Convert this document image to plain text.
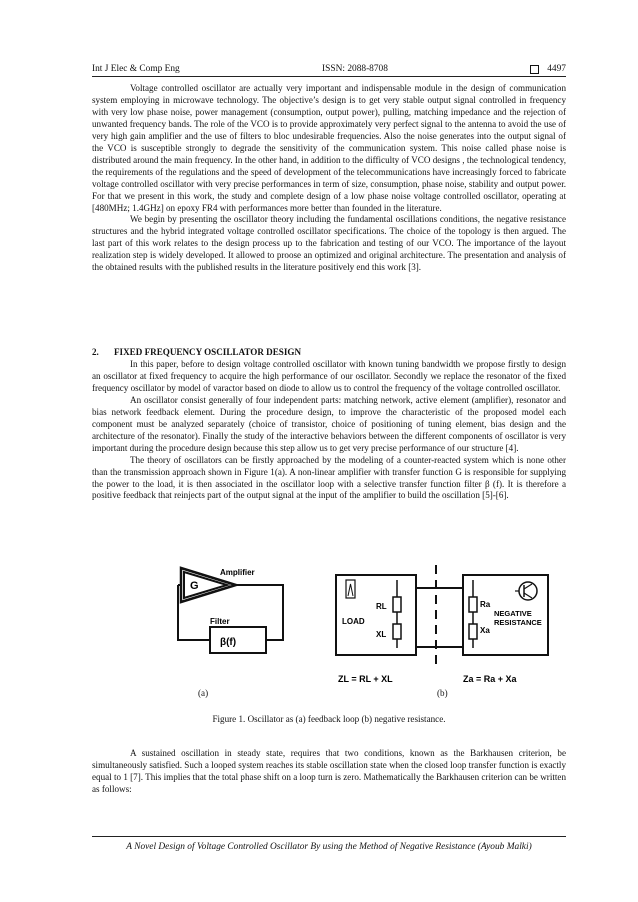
Int J Elec & Comp Eng	ISSN: 2088-8708	4497

Voltage controlled oscillator are actually very important and indispensable module in the design of communication system employing in microwave technology. The objective’s design is to get very stable output signal controlled in frequency with very low phase noise, power management (consumption, output power), pulling, matching impedance and the rejection of unwanted frequency bands. The role of the VCO is to provide approximately very perfect signal to the antenna to avoid the use of very high gain amplifier and the use of filters to bloc undesirable frequencies. Also the noise generates into the output signal of the VCO is susceptible strongly to degrade the sensitivity of the communication system. This noise called phase noise is distributed around the main frequency. In the other hand, in addition to the difficulty of VCO designs , the technological tendency, the requirements of the regulations and the speed of development of the telecommunications have increasingly forced to fabricate voltage controlled oscillator with very precise performances in term of size, consumption, phase noise, stability and output power. For that we present in this work, the study and complete design of a low phase noise voltage controlled oscillator, operating at [480MHz; 1.4GHz] on epoxy FR4 with performances more better than founded in the literature.

We begin by presenting the oscillator theory including the fundamental oscillations conditions, the negative resistance structures and the hybrid integrated voltage controlled oscillator specifications. The choice of the topology is then argued. The last part of this work relates to the design process up to the fabrication and testing of our VCO. The importance of the layout realization step is widely developed. It allowed to proose an optimized and original architecture. The presentation and analysis of the obtained results with the published results in the literature positively end this work [3].

2. FIXED FREQUENCY OSCILLATOR DESIGN

In this paper, before to design voltage controlled oscillator with known tuning bandwidth we propose firstly to design an oscillator at fixed frequency to acquire the high performance of our oscillator. Secondly we replace the resonator of the fixed frequency oscillator by model of varactor based on diode to allow us to control the frequency of the voltage controlled oscillator.

An oscillator consist generally of four independent parts: matching network, active element (amplifier), resonator and bias network feedback element. During the procedure design, to improve the characteristic of the proposed model each component must be analyzed separately (choice of transistor, choice of positioning of tuning element, bias design and the architecture of the resonator). Finally the study of the interactive behaviors between the different components of oscillator is very important during the procedure design because this step allow us to get very precise performance of our structure [4].

The theory of oscillators can be firstly approached by the modeling of a counter-reacted system which is none other than the transmission approach shown in Figure 1(a). A non-linear amplifier with transfer function G is responsible for supplying the power to the load, it is then associated in the oscillator loop with a selective transfer function filter β (f). It is therefore a positive feedback that reinjects part of the output signal at the input of the amplifier to build the oscillation [5]-[6].

G
Amplifier
Filter
β(f)
LOAD
RL
XL
Ra
Xa
NEGATIVE
RESISTANCE
ZL = RL + XL	Za = Ra + Xa
(a)	(b)
Figure 1. Oscillator as (a) feedback loop (b) negative resistance.

A sustained oscillation in steady state, requires that two conditions, known as the Barkhausen criterion, be simultaneously satisfied. Such a looped system reaches its stable oscillation state when the closed loop transfer function is exactly equal to 1 [7]. This implies that the total phase shift on a loop turn is zero. Mathematically the Barkhausen criterion can be written as follows:

A Novel Design of Voltage Controlled Oscillator By using the Method of Negative Resistance (Ayoub Malki)
